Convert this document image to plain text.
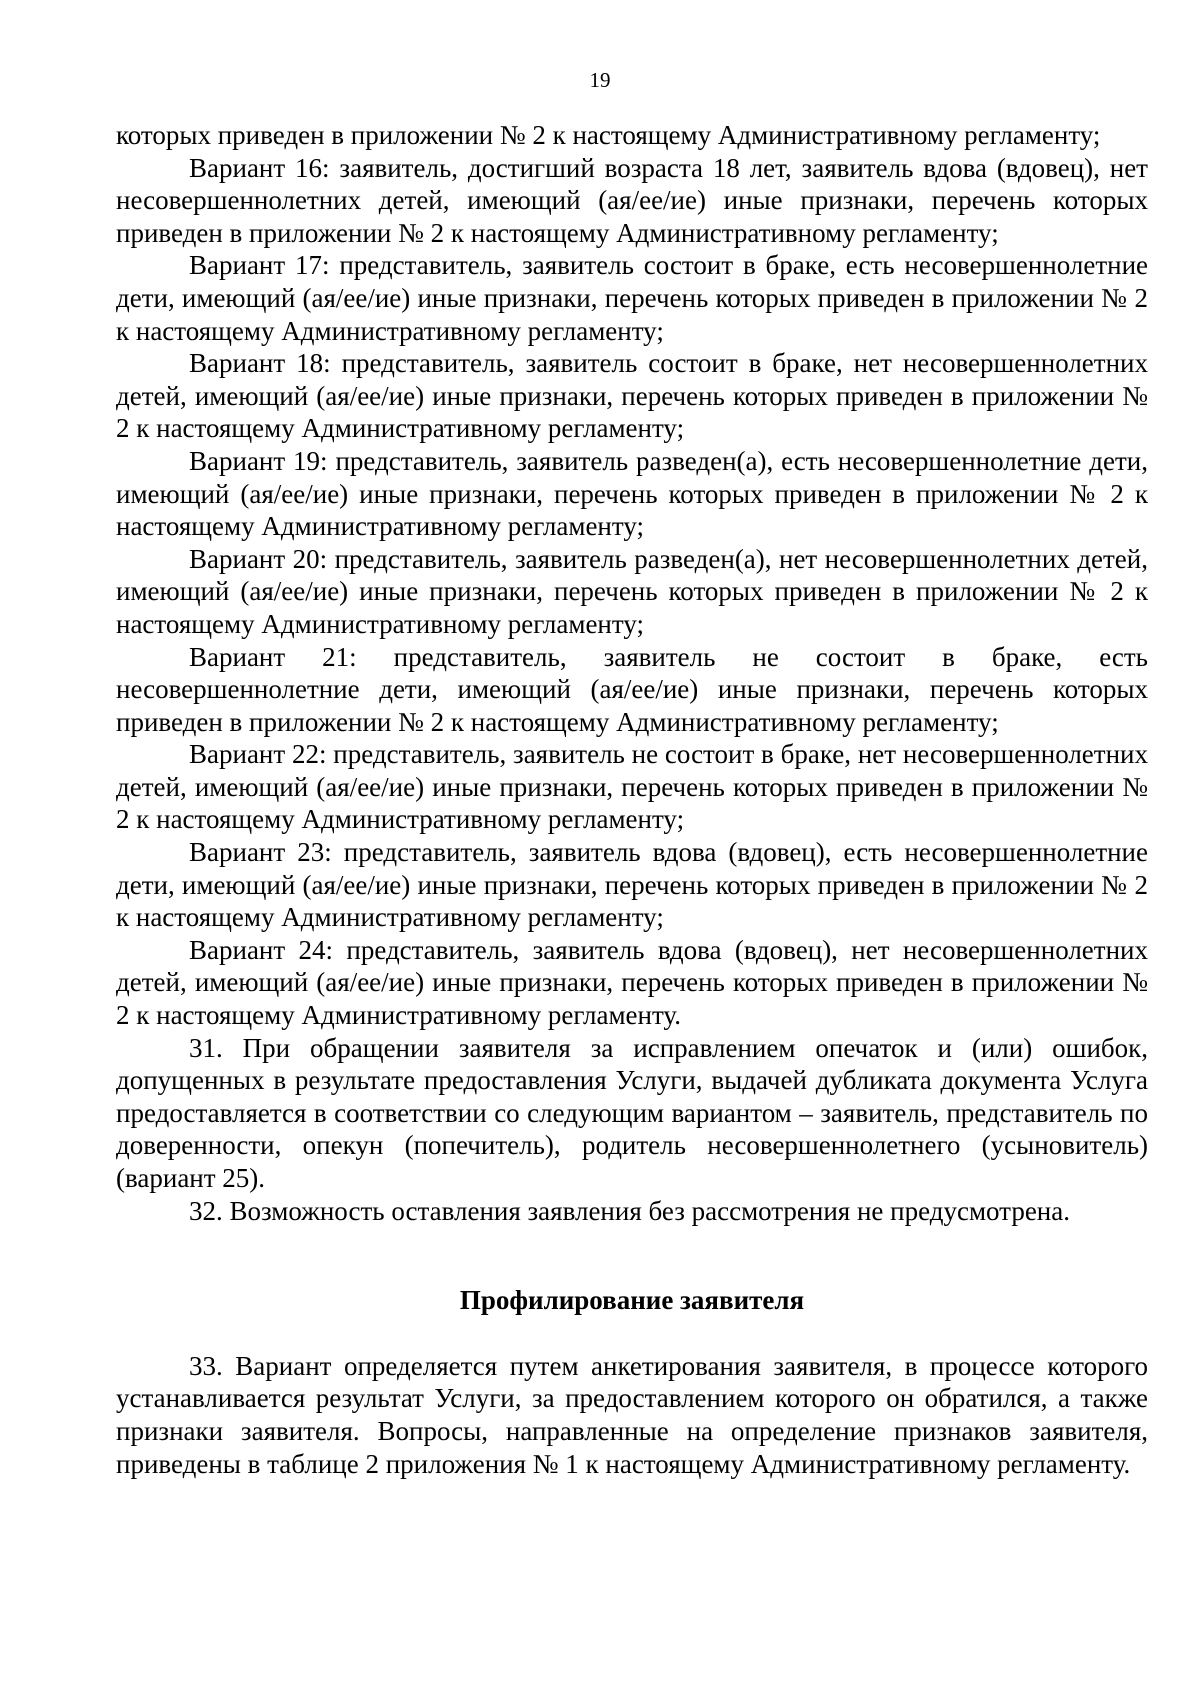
19

которых приведен в приложении № 2 к настоящему Административному регламенту;

Вариант 16: заявитель, достигший возраста 18 лет, заявитель вдова (вдовец), нет несовершеннолетних детей, имеющий (ая/ее/ие) иные признаки, перечень которых приведен в приложении № 2 к настоящему Административному регламенту;

Вариант 17: представитель, заявитель состоит в браке, есть несовершеннолетние дети, имеющий (ая/ее/ие) иные признаки, перечень которых приведен в приложении № 2 к настоящему Административному регламенту;

Вариант 18: представитель, заявитель состоит в браке, нет несовершеннолетних детей, имеющий (ая/ее/ие) иные признаки, перечень которых приведен в приложении № 2 к настоящему Административному регламенту;

Вариант 19: представитель, заявитель разведен(а), есть несовершеннолетние дети, имеющий (ая/ее/ие) иные признаки, перечень которых приведен в приложении № 2 к настоящему Административному регламенту;

Вариант 20: представитель, заявитель разведен(а), нет несовершеннолетних детей, имеющий (ая/ее/ие) иные признаки, перечень которых приведен в приложении № 2 к настоящему Административному регламенту;

Вариант 21: представитель, заявитель не состоит в браке, есть несовершеннолетние дети, имеющий (ая/ее/ие) иные признаки, перечень которых приведен в приложении № 2 к настоящему Административному регламенту;

Вариант 22: представитель, заявитель не состоит в браке, нет несовершеннолетних детей, имеющий (ая/ее/ие) иные признаки, перечень которых приведен в приложении № 2 к настоящему Административному регламенту;

Вариант 23: представитель, заявитель вдова (вдовец), есть несовершеннолетние дети, имеющий (ая/ее/ие) иные признаки, перечень которых приведен в приложении № 2 к настоящему Административному регламенту;

Вариант 24: представитель, заявитель вдова (вдовец), нет несовершеннолетних детей, имеющий (ая/ее/ие) иные признаки, перечень которых приведен в приложении № 2 к настоящему Административному регламенту.

31. При обращении заявителя за исправлением опечаток и (или) ошибок, допущенных в результате предоставления Услуги, выдачей дубликата документа Услуга предоставляется в соответствии со следующим вариантом – заявитель, представитель по доверенности, опекун (попечитель), родитель несовершеннолетнего (усыновитель) (вариант 25).

32. Возможность оставления заявления без рассмотрения не предусмотрена.

Профилирование заявителя

33. Вариант определяется путем анкетирования заявителя, в процессе которого устанавливается результат Услуги, за предоставлением которого он обратился, а также признаки заявителя. Вопросы, направленные на определение признаков заявителя, приведены в таблице 2 приложения № 1 к настоящему Административному регламенту.
